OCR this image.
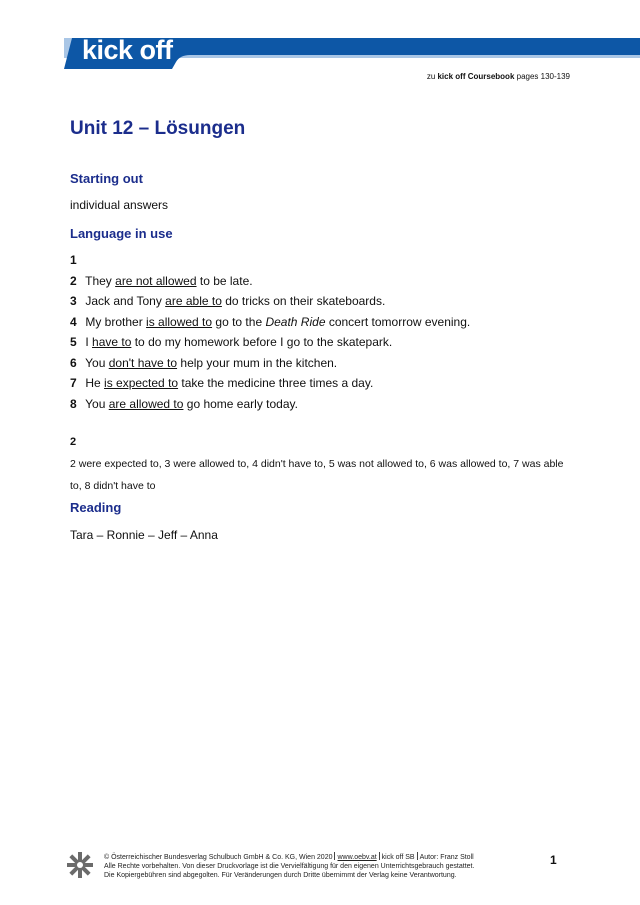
kick off

zu kick off Coursebook pages 130-139
Unit 12 – Lösungen
Starting out

individual answers

Language in use

1

2 They are not allowed to be late.

3 Jack and Tony are able to do tricks on their skateboards.

4 My brother is allowed to go to the Death Ride concert tomorrow evening.

5 I have to to do my homework before I go to the skatepark.

6 You don't have to help your mum in the kitchen.

7 He is expected to take the medicine three times a day.

8 You are allowed to go home early today.

2

2 were expected to, 3 were allowed to, 4 didn't have to, 5 was not allowed to, 6 was allowed to, 7 was able to, 8 didn't have to

Reading

Tara – Ronnie – Jeff – Anna

© Österreichischer Bundesverlag Schulbuch GmbH & Co. KG, Wien 2020 www.oebv.at kick off SB Autor: Franz Stoll

Alle Rechte vorbehalten. Von dieser Druckvorlage ist die Vervielfältigung für den eigenen Unterrichtsgebrauch gestattet.

Die Kopiergebühren sind abgegolten. Für Veränderungen durch Dritte übernimmt der Verlag keine Verantwortung.

1
